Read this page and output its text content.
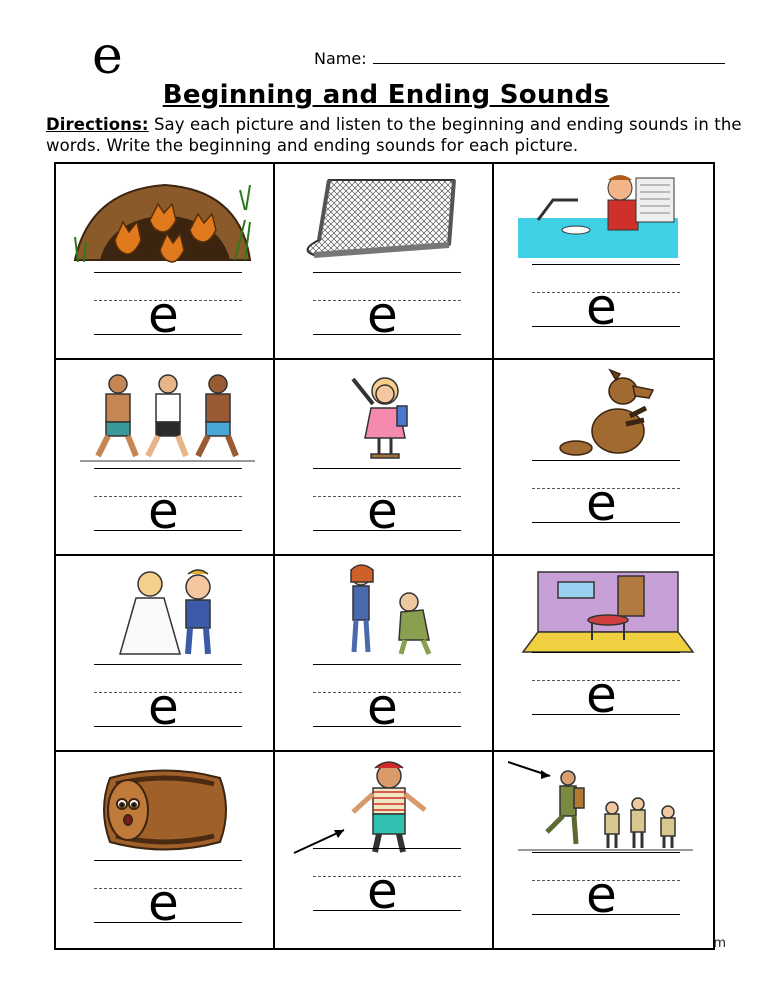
e	Name:
Beginning and Ending Sounds
Directions: Say each picture and listen to the beginning and ending sounds in the words. Write the beginning and ending sounds for each picture.
e	e	e
e	e	e
e	e	e
e	e	e
m
